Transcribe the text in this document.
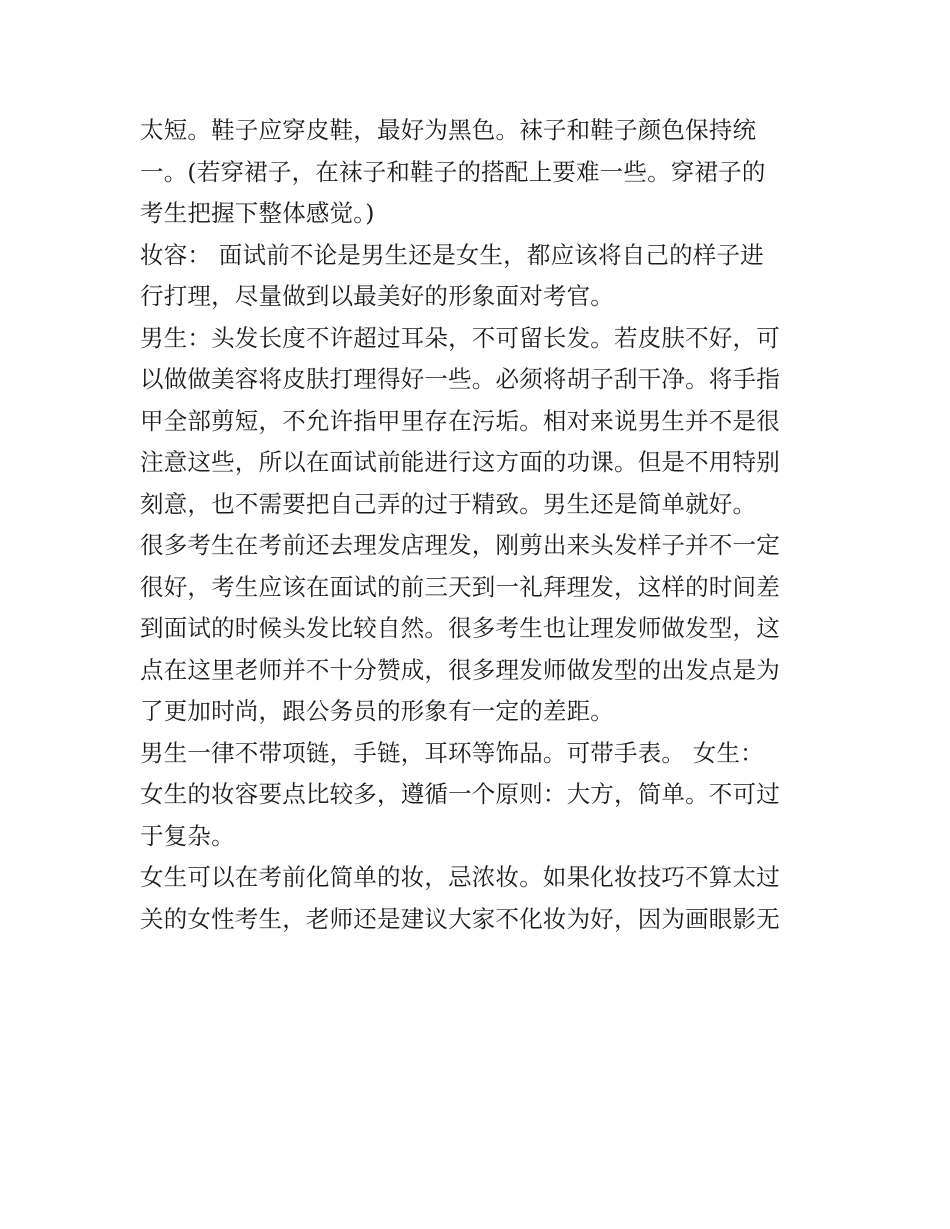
太短。鞋子应穿皮鞋，最好为黑色。袜子和鞋子颜色保持统
一。(若穿裙子，在袜子和鞋子的搭配上要难一些。穿裙子的
考生把握下整体感觉。)
妆容： 面试前不论是男生还是女生，都应该将自己的样子进
行打理，尽量做到以最美好的形象面对考官。
男生：头发长度不许超过耳朵，不可留长发。若皮肤不好，可
以做做美容将皮肤打理得好一些。必须将胡子刮干净。将手指
甲全部剪短，不允许指甲里存在污垢。相对来说男生并不是很
注意这些，所以在面试前能进行这方面的功课。但是不用特别
刻意，也不需要把自己弄的过于精致。男生还是简单就好。
很多考生在考前还去理发店理发，刚剪出来头发样子并不一定
很好，考生应该在面试的前三天到一礼拜理发，这样的时间差
到面试的时候头发比较自然。很多考生也让理发师做发型，这
点在这里老师并不十分赞成，很多理发师做发型的出发点是为
了更加时尚，跟公务员的形象有一定的差距。
男生一律不带项链，手链，耳环等饰品。可带手表。 女生：
女生的妆容要点比较多，遵循一个原则：大方，简单。不可过
于复杂。
女生可以在考前化简单的妆，忌浓妆。如果化妆技巧不算太过
关的女性考生，老师还是建议大家不化妆为好，因为画眼影无
